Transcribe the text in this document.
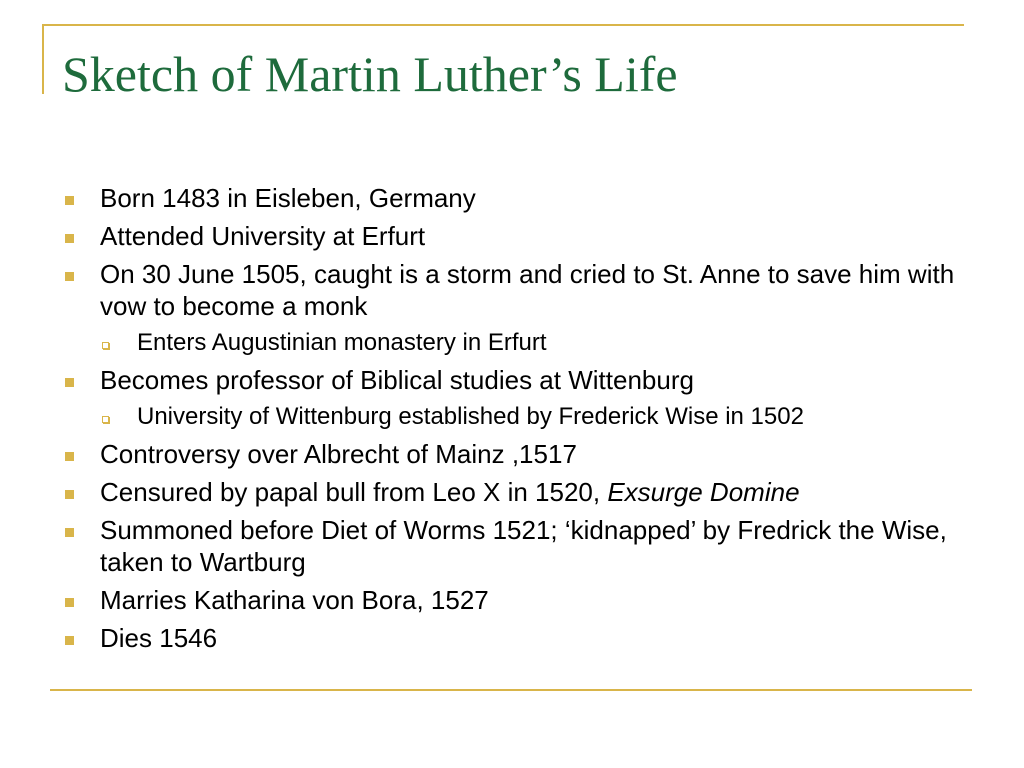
Sketch of Martin Luther’s Life
Born 1483 in Eisleben, Germany
Attended University at Erfurt
On 30 June 1505, caught is a storm and cried to St. Anne to save him with vow to become a monk
Enters Augustinian monastery in Erfurt
Becomes professor of Biblical studies at Wittenburg
University of Wittenburg established by Frederick Wise in 1502
Controversy over Albrecht of Mainz ,1517
Censured by papal bull from Leo X in 1520, Exsurge Domine
Summoned before Diet of Worms 1521; ‘kidnapped’ by Fredrick the Wise, taken to Wartburg
Marries Katharina von Bora, 1527
Dies 1546
